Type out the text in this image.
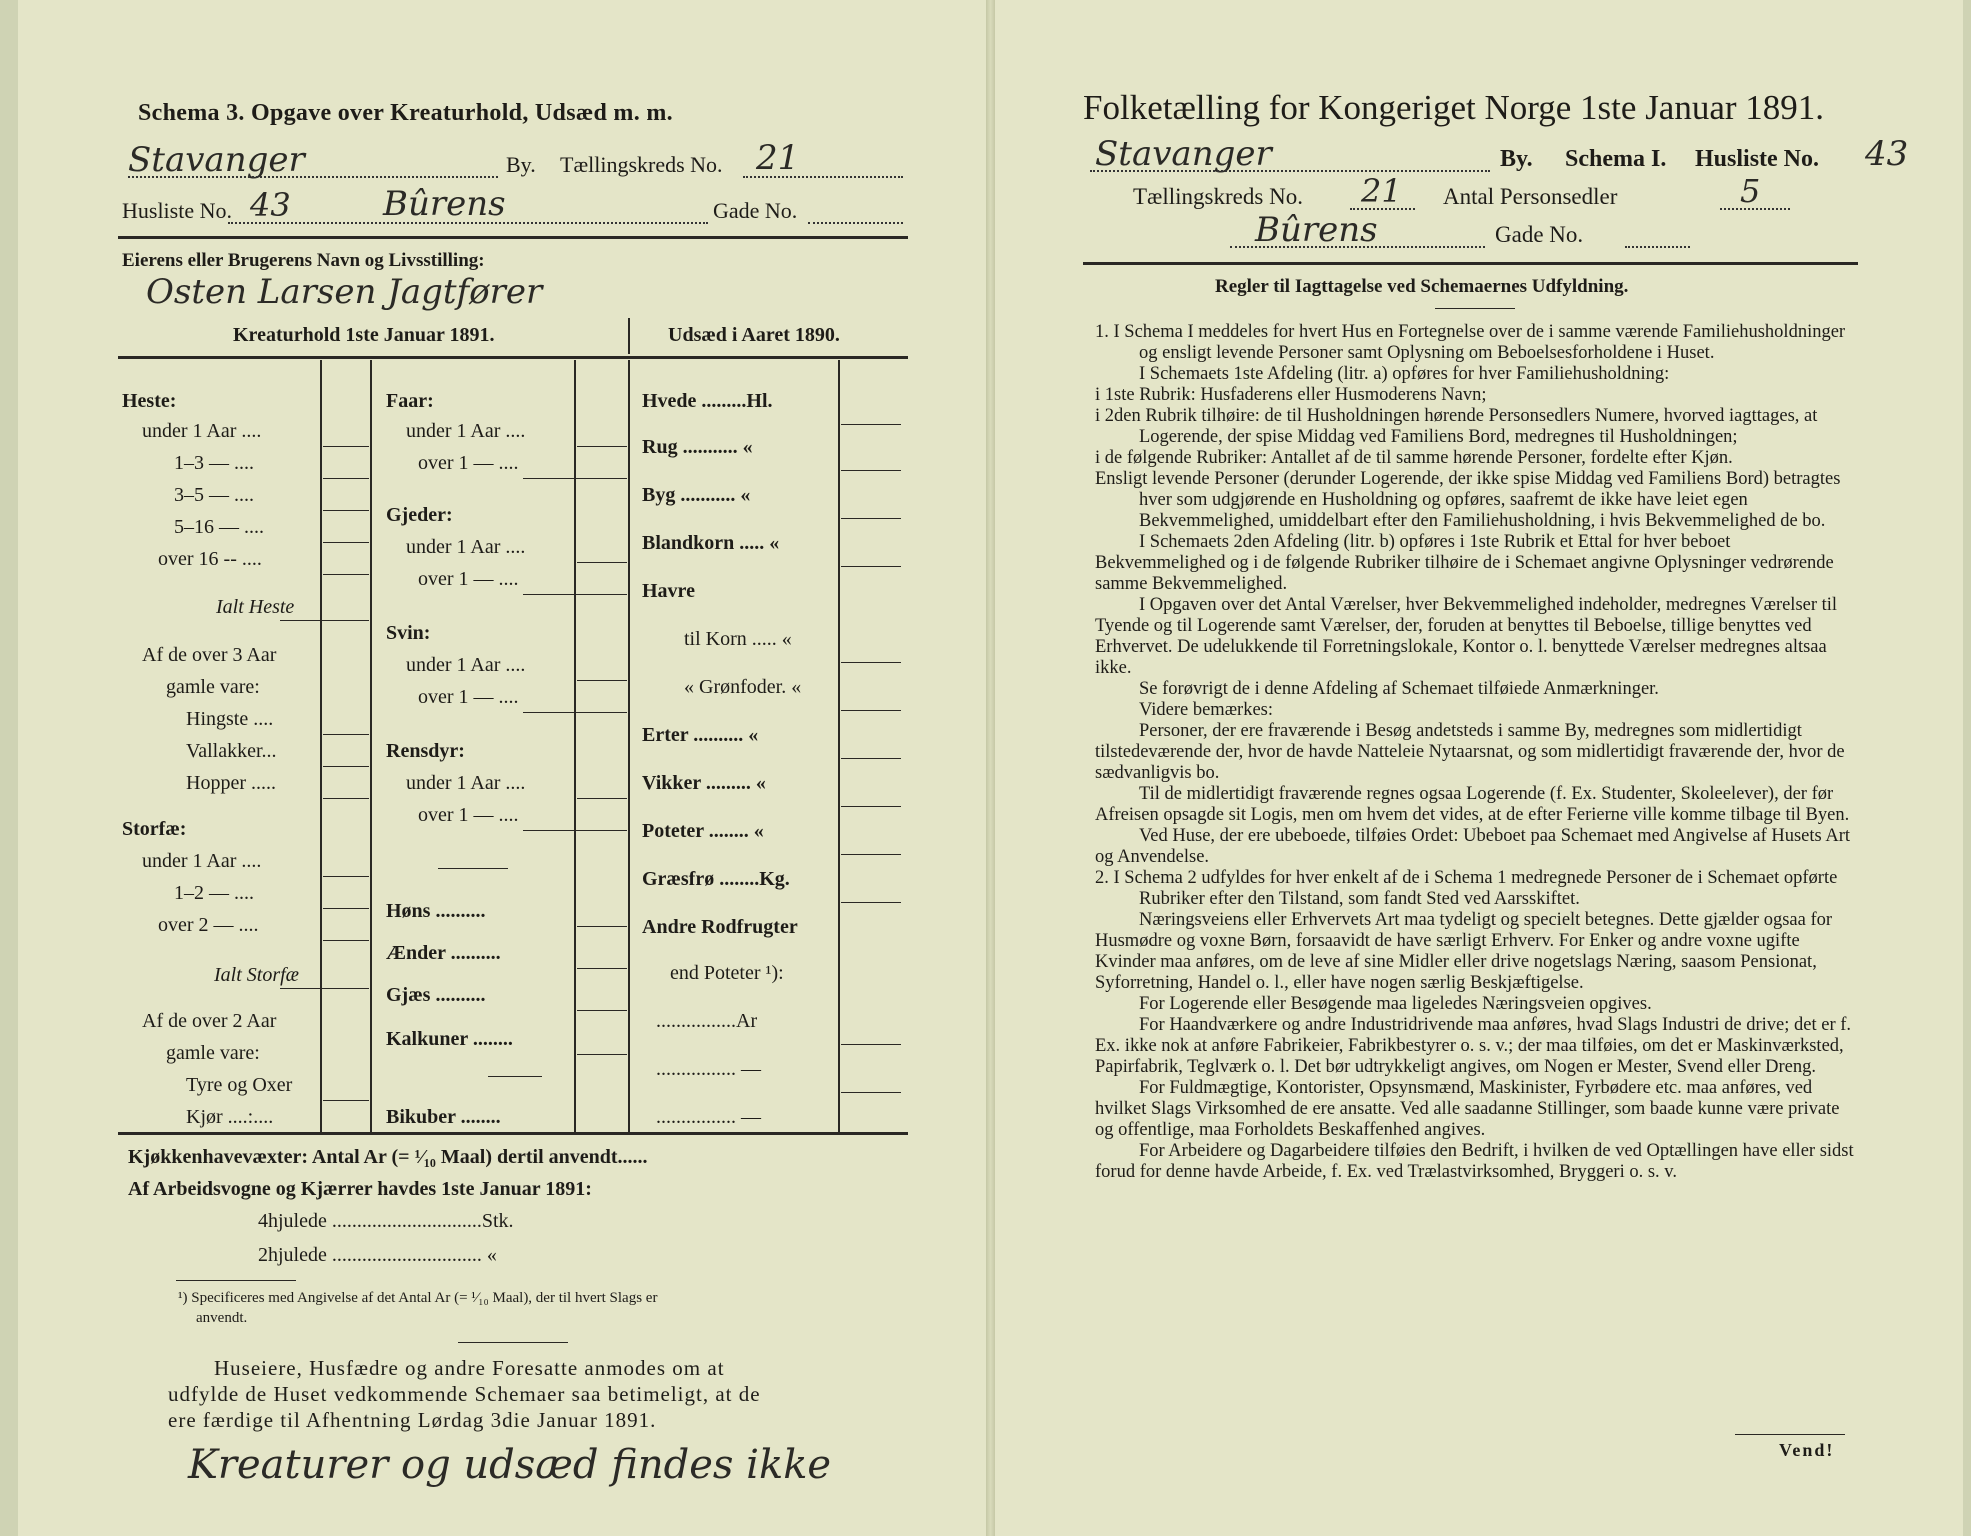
Schema 3. Opgave over Kreaturhold, Udsæd m. m.
Stavanger	By. Tællingskreds No. 21
Husliste No. 43	Bûrens	Gade No.
Eierens eller Brugerens Navn og Livsstilling:
Osten Larsen Jagtfører
Kreaturhold 1ste Januar 1891.	Udsæd i Aaret 1890.
Heste:
under 1 Aar ....
1–3 — ....
3–5 — ....
5–16 — ....
over 16 -- ....
Ialt Heste
Af de over 3 Aar
gamle vare:
Hingste ....
Vallakker...
Hopper .....
Storfæ:
under 1 Aar ....
1–2 — ....
over 2 — ....
Ialt Storfæ
Af de over 2 Aar
gamle vare:
Tyre og Oxer
Kjør ....:....
Faar:
under 1 Aar ....
over 1 — ....
Gjeder:
under 1 Aar ....
over 1 — ....
Svin:
under 1 Aar ....
over 1 — ....
Rensdyr:
under 1 Aar ....
over 1 — ....
Høns ..........
Ænder ..........
Gjæs ..........
Kalkuner ........
Bikuber ........
Hvede .........Hl.
Rug ........... «
Byg ........... «
Blandkorn ..... «
Havre
til Korn ..... «
« Grønfoder. «
Erter .......... «
Vikker ......... «
Poteter ........ «
Græsfrø ........Kg.
Andre Rodfrugter
end Poteter ¹):
................Ar
................ —
................ —
Kjøkkenhavevæxter: Antal Ar (= ¹⁄₁₀ Maal) dertil anvendt......
Af Arbeidsvogne og Kjærrer havdes 1ste Januar 1891:
4hjulede ..............................Stk.
2hjulede .............................. «
¹) Specificeres med Angivelse af det Antal Ar (= ¹⁄₁₀ Maal), der til hvert Slags er
anvendt.
Huseiere, Husfædre og andre Foresatte anmodes om at
udfylde de Huset vedkommende Schemaer saa betimeligt, at de
ere færdige til Afhentning Lørdag 3die Januar 1891.
Kreaturer og udsæd findes ikke
Folketælling for Kongeriget Norge 1ste Januar 1891.
Stavanger	By. Schema I. Husliste No. 43
Tællingskreds No. 21 Antal Personsedler	5
Bûrens	Gade No.
Regler til Iagttagelse ved Schemaernes Udfyldning.

1. I Schema I meddeles for hvert Hus en Fortegnelse over de i samme værende Familiehusholdninger og ensligt levende Personer samt Oplysning om Beboelsesforholdene i Huset.

I Schemaets 1ste Afdeling (litr. a) opføres for hver Familiehusholdning:

i 1ste Rubrik: Husfaderens eller Husmoderens Navn;

i 2den Rubrik tilhøire: de til Husholdningen hørende Personsedlers Numere, hvorved iagttages, at Logerende, der spise Middag ved Familiens Bord, medregnes til Husholdningen;

i de følgende Rubriker: Antallet af de til samme hørende Personer, fordelte efter Kjøn.

Ensligt levende Personer (derunder Logerende, der ikke spise Middag ved Familiens Bord) betragtes hver som udgjørende en Husholdning og opføres, saafremt de ikke have leiet egen Bekvemmelighed, umiddelbart efter den Familiehusholdning, i hvis Bekvemmelighed de bo.

I Schemaets 2den Afdeling (litr. b) opføres i 1ste Rubrik et Ettal for hver beboet Bekvemmelighed og i de følgende Rubriker tilhøire de i Schemaet angivne Oplysninger vedrørende samme Bekvemmelighed.

I Opgaven over det Antal Værelser, hver Bekvemmelighed indeholder, medregnes Værelser til Tyende og til Logerende samt Værelser, der, foruden at benyttes til Beboelse, tillige benyttes ved Erhvervet. De udelukkende til Forretningslokale, Kontor o. l. benyttede Værelser medregnes altsaa ikke.

Se forøvrigt de i denne Afdeling af Schemaet tilføiede Anmærkninger.

Videre bemærkes:

Personer, der ere fraværende i Besøg andetsteds i samme By, medregnes som midlertidigt tilstedeværende der, hvor de havde Natteleie Nytaarsnat, og som midlertidigt fraværende der, hvor de sædvanligvis bo.

Til de midlertidigt fraværende regnes ogsaa Logerende (f. Ex. Studenter, Skoleelever), der før Afreisen opsagde sit Logis, men om hvem det vides, at de efter Ferierne ville komme tilbage til Byen.

Ved Huse, der ere ubeboede, tilføies Ordet: Ubeboet paa Schemaet med Angivelse af Husets Art og Anvendelse.

2. I Schema 2 udfyldes for hver enkelt af de i Schema 1 medregnede Personer de i Schemaet opførte Rubriker efter den Tilstand, som fandt Sted ved Aarsskiftet.

Næringsveiens eller Erhvervets Art maa tydeligt og specielt betegnes. Dette gjælder ogsaa for Husmødre og voxne Børn, forsaavidt de have særligt Erhverv. For Enker og andre voxne ugifte Kvinder maa anføres, om de leve af sine Midler eller drive nogetslags Næring, saasom Pensionat, Syforretning, Handel o. l., eller have nogen særlig Beskjæftigelse.

For Logerende eller Besøgende maa ligeledes Næringsveien opgives.

For Haandværkere og andre Industridrivende maa anføres, hvad Slags Industri de drive; det er f. Ex. ikke nok at anføre Fabrikeier, Fabrikbestyrer o. s. v.; der maa tilføies, om det er Maskinværksted, Papirfabrik, Teglværk o. l. Det bør udtrykkeligt angives, om Nogen er Mester, Svend eller Dreng.

For Fuldmægtige, Kontorister, Opsynsmænd, Maskinister, Fyrbødere etc. maa anføres, ved hvilket Slags Virksomhed de ere ansatte. Ved alle saadanne Stillinger, som baade kunne være private og offentlige, maa Forholdets Beskaffenhed angives.

For Arbeidere og Dagarbeidere tilføies den Bedrift, i hvilken de ved Optællingen have eller sidst forud for denne havde Arbeide, f. Ex. ved Trælastvirksomhed, Bryggeri o. s. v.

Vend!
